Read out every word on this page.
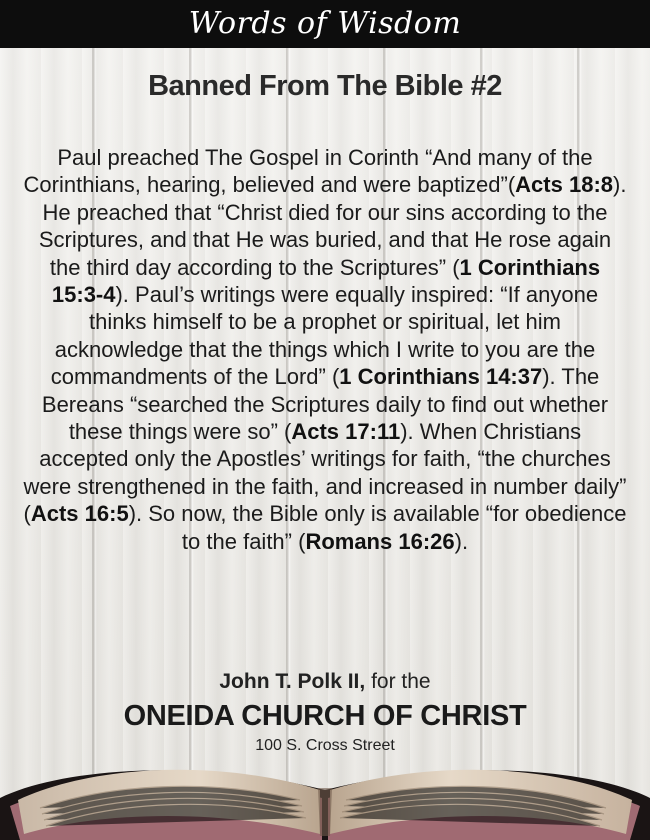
Words of Wisdom
Banned From The Bible #2
Paul preached The Gospel in Corinth “And many of the Corinthians, hearing, believed and were baptized”(Acts 18:8). He preached that “Christ died for our sins according to the Scriptures, and that He was buried, and that He rose again the third day according to the Scriptures” (1 Corinthians 15:3-4). Paul’s writings were equally inspired: “If anyone thinks himself to be a prophet or spiritual, let him acknowledge that the things which I write to you are the commandments of the Lord” (1 Corinthians 14:37). The Bereans “searched the Scriptures daily to find out whether these things were so” (Acts 17:11). When Christians accepted only the Apostles’ writings for faith, “the churches were strengthened in the faith, and increased in number daily” (Acts 16:5). So now, the Bible only is available “for obedience to the faith” (Romans 16:26).
John T. Polk II, for the
ONEIDA CHURCH OF CHRIST
100 S. Cross Street
